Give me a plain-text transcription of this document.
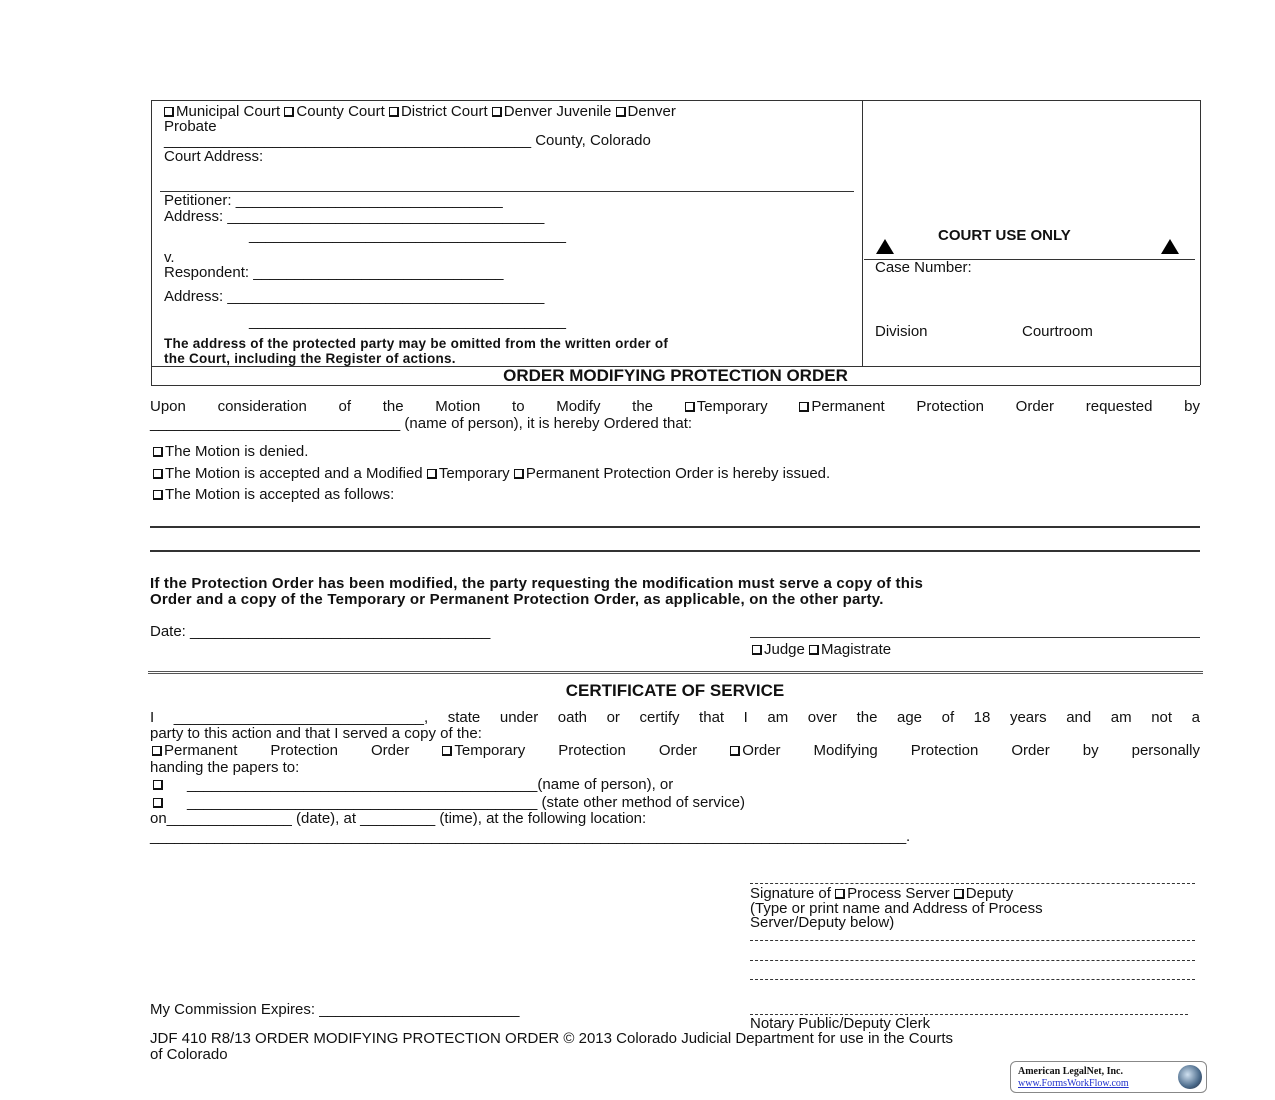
Municipal Court County Court District Court Denver Juvenile Denver
Probate
____________________________________________ County, Colorado
Court Address:
Petitioner: ________________________________
Address: ______________________________________
______________________________________
v.
Respondent: ______________________________
Address: ______________________________________
______________________________________
The address of the protected party may be omitted from the written order of
the Court, including the Register of actions.
COURT USE ONLY
Case Number:
Division	Courtroom
ORDER MODIFYING PROTECTION ORDER
Upon consideration of the Motion to Modify the	Temporary	Permanent Protection Order requested by
______________________________ (name of person), it is hereby Ordered that:
The Motion is denied.
The Motion is accepted and a Modified Temporary Permanent Protection Order is hereby issued.
The Motion is accepted as follows:
If the Protection Order has been modified, the party requesting the modification must serve a copy of this
Order and a copy of the Temporary or Permanent Protection Order, as applicable, on the other party.
Date: ____________________________________
Judge Magistrate
CERTIFICATE OF SERVICE
I ______________________________, state under oath or certify that I am over the age of 18 years and am not a
party to this action and that I served a copy of the:
Permanent Protection Order	Temporary Protection Order	Order Modifying Protection Order by personally
handing the papers to:
__________________________________________(name of person), or
__________________________________________ (state other method of service)
on_______________ (date), at _________ (time), at the following location:
______________________________________________________________________________________________.
Signature of Process Server Deputy
(Type or print name and Address of Process
Server/Deputy below)
My Commission Expires: ________________________
Notary Public/Deputy Clerk
JDF 410 R8/13 ORDER MODIFYING PROTECTION ORDER © 2013 Colorado Judicial Department for use in the Courts
of Colorado
American LegalNet, Inc.
www.FormsWorkFlow.com
